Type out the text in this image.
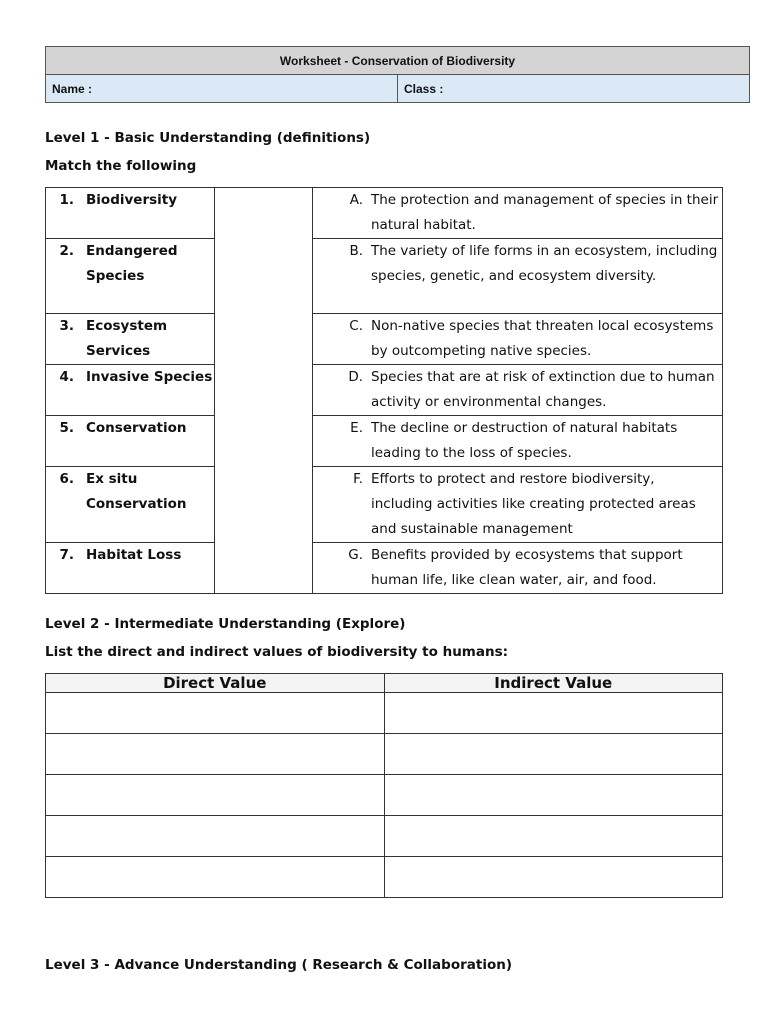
Worksheet - Conservation of Biodiversity
Name :	Class :
Level 1 - Basic Understanding (definitions)
Match the following
1. Biodiversity		A. The protection and management of species in their natural habitat.

2. Endangered Species		B. The variety of life forms in an ecosystem, including species, genetic, and ecosystem diversity.

3. Ecosystem Services		C. Non-native species that threaten local ecosystems by outcompeting native species.

4. Invasive Species		D. Species that are at risk of extinction due to human activity or environmental changes.

5. Conservation		E. The decline or destruction of natural habitats leading to the loss of species.

6. Ex situ Conservation		F. Efforts to protect and restore biodiversity, including activities like creating protected areas and sustainable management

7. Habitat Loss		G. Benefits provided by ecosystems that support human life, like clean water, air, and food.
Level 2 - Intermediate Understanding (Explore)
List the direct and indirect values of biodiversity to humans:
Direct Value	Indirect Value

Level 3 - Advance Understanding ( Research & Collaboration)
